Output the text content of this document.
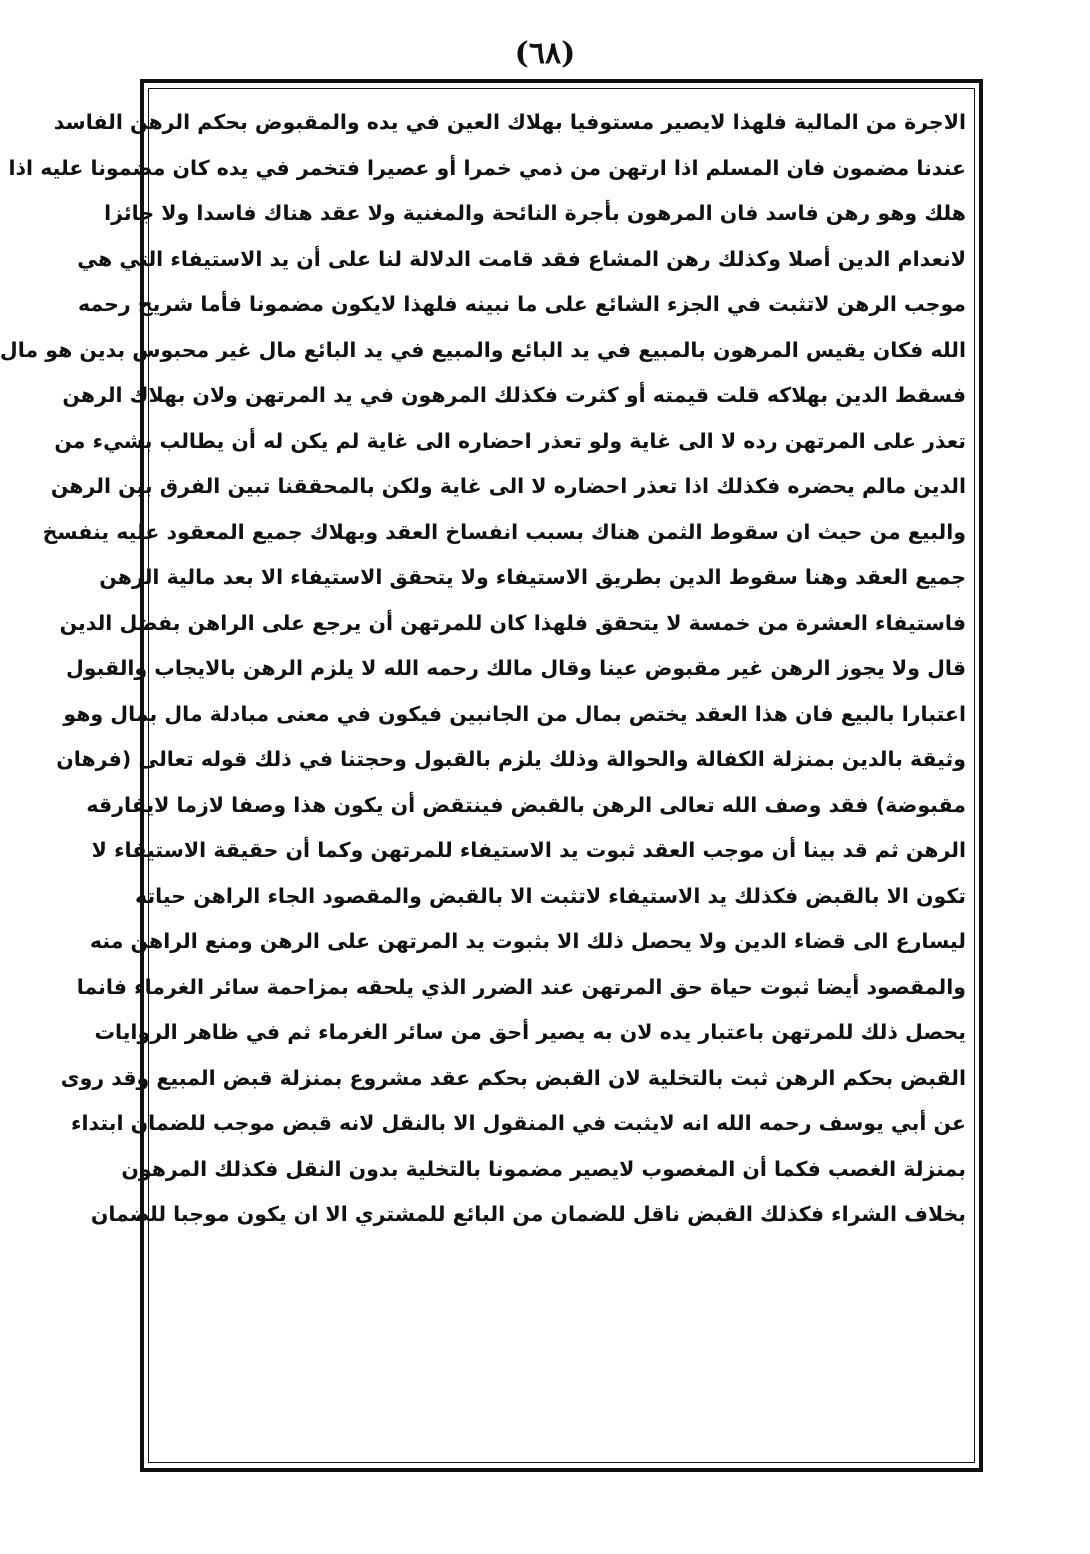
(٦٨)
الاجرة من المالية فلهذا لايصير مستوفيا بهلاك العين في يده والمقبوض بحكم الرهن الفاسد
عندنا مضمون فان المسلم اذا ارتهن من ذمي خمرا أو عصيرا فتخمر في يده كان مضمونا عليه اذا
هلك وهو رهن فاسد فان المرهون بأجرة النائحة والمغنية ولا عقد هناك فاسدا ولا جائزا
لانعدام الدين أصلا وكذلك رهن المشاع فقد قامت الدلالة لنا على أن يد الاستيفاء التي هي
موجب الرهن لاتثبت في الجزء الشائع على ما نبينه فلهذا لايكون مضمونا فأما شريح رحمه
الله فكان يقيس المرهون بالمبيع في يد البائع والمبيع في يد البائع مال غير محبوس بدين هو مال
فسقط الدين بهلاكه قلت قيمته أو كثرت فكذلك المرهون في يد المرتهن ولان بهلاك الرهن
تعذر على المرتهن رده لا الى غاية ولو تعذر احضاره الى غاية لم يكن له أن يطالب بشيء من
الدين مالم يحضره فكذلك اذا تعذر احضاره لا الى غاية ولكن بالمحققنا تبين الفرق بين الرهن
والبيع من حيث ان سقوط الثمن هناك بسبب انفساخ العقد وبهلاك جميع المعقود عليه ينفسخ
جميع العقد وهنا سقوط الدين بطريق الاستيفاء ولا يتحقق الاستيفاء الا بعد مالية الرهن
فاستيفاء العشرة من خمسة لا يتحقق فلهذا كان للمرتهن أن يرجع على الراهن بفضل الدين
قال ولا يجوز الرهن غير مقبوض عينا وقال مالك رحمه الله لا يلزم الرهن بالايجاب والقبول
اعتبارا بالبيع فان هذا العقد يختص بمال من الجانبين فيكون في معنى مبادلة مال بمال وهو
وثيقة بالدين بمنزلة الكفالة والحوالة وذلك يلزم بالقبول وحجتنا في ذلك قوله تعالى (فرهان
مقبوضة) فقد وصف الله تعالى الرهن بالقبض فينتقض أن يكون هذا وصفا لازما لايفارقه
الرهن ثم قد بينا أن موجب العقد ثبوت يد الاستيفاء للمرتهن وكما أن حقيقة الاستيفاء لا
تكون الا بالقبض فكذلك يد الاستيفاء لاتثبت الا بالقبض والمقصود الجاء الراهن حياته
ليسارع الى قضاء الدين ولا يحصل ذلك الا بثبوت يد المرتهن على الرهن ومنع الراهن منه
والمقصود أيضا ثبوت حياة حق المرتهن عند الضرر الذي يلحقه بمزاحمة سائر الغرماء فانما
يحصل ذلك للمرتهن باعتبار يده لان به يصير أحق من سائر الغرماء ثم في ظاهر الروايات
القبض بحكم الرهن ثبت بالتخلية لان القبض بحكم عقد مشروع بمنزلة قبض المبيع وقد روى
عن أبي يوسف رحمه الله انه لايثبت في المنقول الا بالنقل لانه قبض موجب للضمان ابتداء
بمنزلة الغصب فكما أن المغصوب لايصير مضمونا بالتخلية بدون النقل فكذلك المرهون
بخلاف الشراء فكذلك القبض ناقل للضمان من البائع للمشتري الا ان يكون موجبا للضمان
